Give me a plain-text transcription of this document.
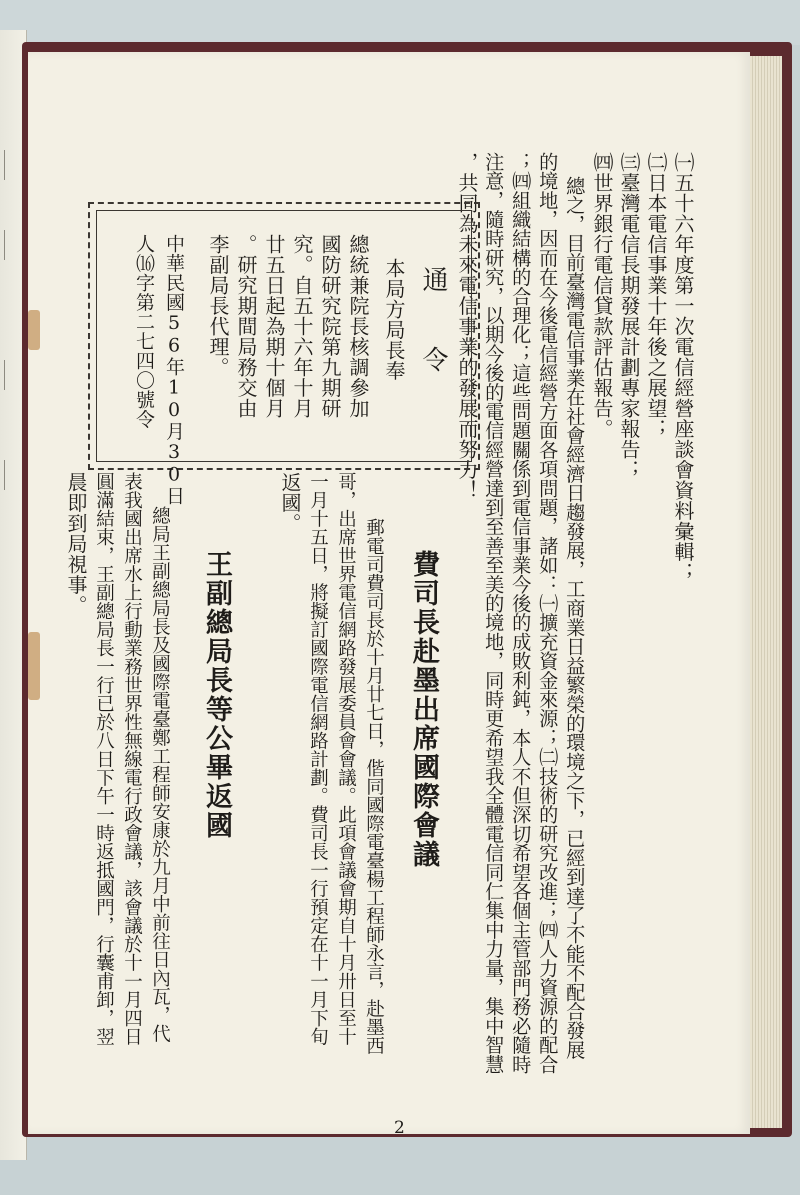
㈠五十六年度第一次電信經營座談會資料彙輯；
㈡日本電信事業十年後之展望；
㈢臺灣電信長期發展計劃專家報告；
㈣世界銀行電信貸款評估報告。
總之，目前臺灣電信事業在社會經濟日趨發展，工商業日益繁榮的環境之下，已經到達了不能不配合發展
的境地，因而在今後電信經營方面各項問題，諸如：㈠擴充資金來源；㈡技術的研究改進；㈣人力資源的配合
；㈣組織結構的合理化；這些問題關係到電信事業今後的成敗利鈍，本人不但深切希望各個主管部門務必隨時
注意，隨時研究，以期今後的電信經營達到至善至美的境地，同時更希望我全體電信同仁集中力量，集中智慧
，共同為未來電信事業的發展而努力！
通　令
本局方局長奉
總統兼院長核調參加
國防研究院第九期研
究。自五十六年十月
廿五日起為期十個月
。研究期間局務交由
李副局長代理。
中華民國56年10月30日
人⒃字第二七四〇號令
費司長赴墨出席國際會議
郵電司費司長於十月廿七日，偕同國際電臺楊工程師永言，赴墨西
哥，出席世界電信網路發展委員會會議。此項會議會期自十月卅日至十
一月十五日，將擬訂國際電信網路計劃。費司長一行預定在十一月下旬
返國。
王副總局長等公畢返國
總局王副總局長及國際電臺鄭工程師安康於九月中前往日內瓦，代
表我國出席水上行動業務世界性無線電行政會議，該會議於十一月四日
圓滿結束，王副總局長一行已於八日下午一時返抵國門，行囊甫卸，翌
晨即到局視事。
2
